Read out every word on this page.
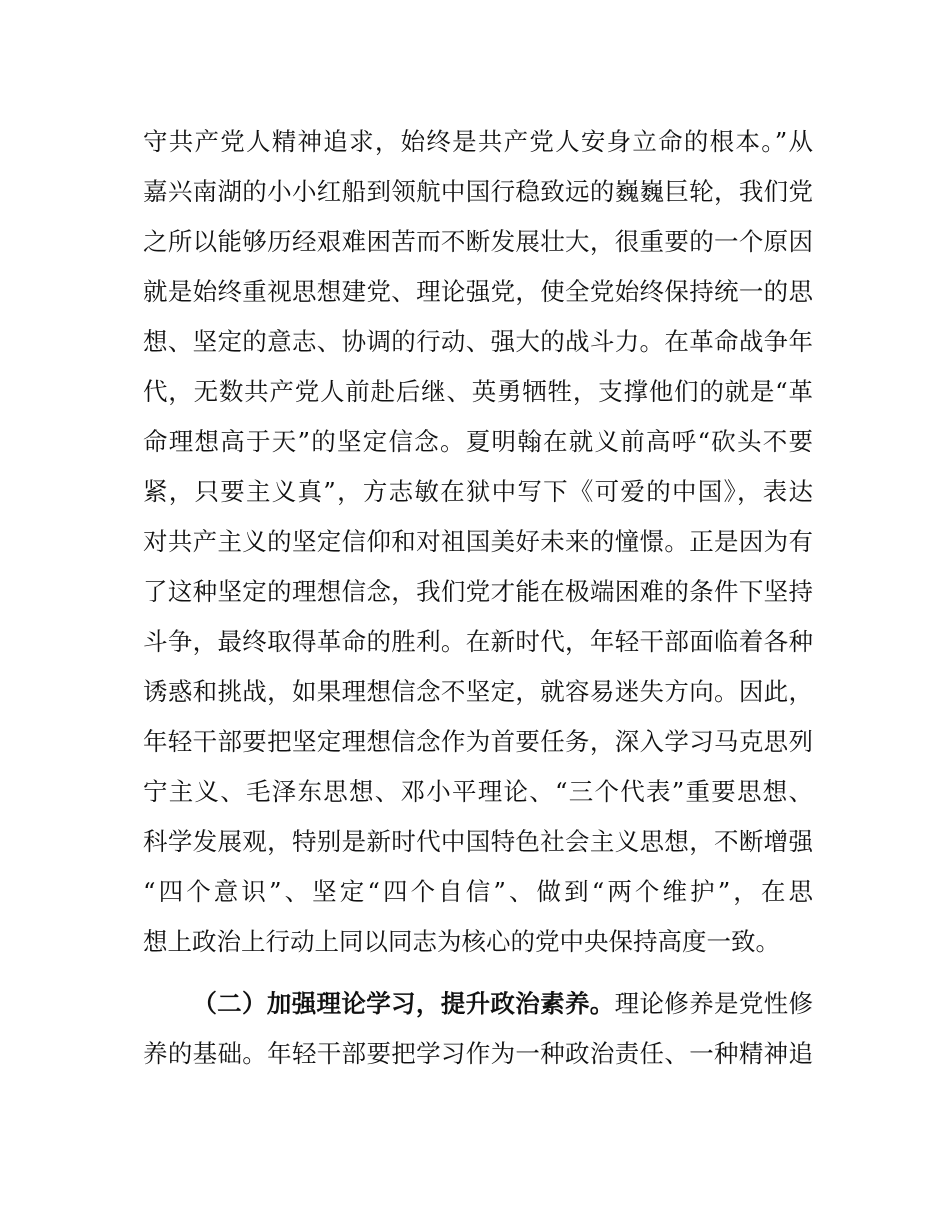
守共产党人精神追求，始终是共产党人安身立命的根本。”从
嘉兴南湖的小小红船到领航中国行稳致远的巍巍巨轮，我们党
之所以能够历经艰难困苦而不断发展壮大，很重要的一个原因
就是始终重视思想建党、理论强党，使全党始终保持统一的思
想、坚定的意志、协调的行动、强大的战斗力。在革命战争年
代，无数共产党人前赴后继、英勇牺牲，支撑他们的就是“革
命理想高于天”的坚定信念。夏明翰在就义前高呼“砍头不要
紧，只要主义真”，方志敏在狱中写下《可爱的中国》，表达
对共产主义的坚定信仰和对祖国美好未来的憧憬。正是因为有
了这种坚定的理想信念，我们党才能在极端困难的条件下坚持
斗争，最终取得革命的胜利。在新时代，年轻干部面临着各种
诱惑和挑战，如果理想信念不坚定，就容易迷失方向。因此，
年轻干部要把坚定理想信念作为首要任务，深入学习马克思列
宁主义、毛泽东思想、邓小平理论、“三个代表”重要思想、
科学发展观，特别是新时代中国特色社会主义思想，不断增强
“四个意识”、坚定“四个自信”、做到“两个维护”，在思
想上政治上行动上同以同志为核心的党中央保持高度一致。
（二）加强理论学习，提升政治素养。理论修养是党性修
养的基础。年轻干部要把学习作为一种政治责任、一种精神追
